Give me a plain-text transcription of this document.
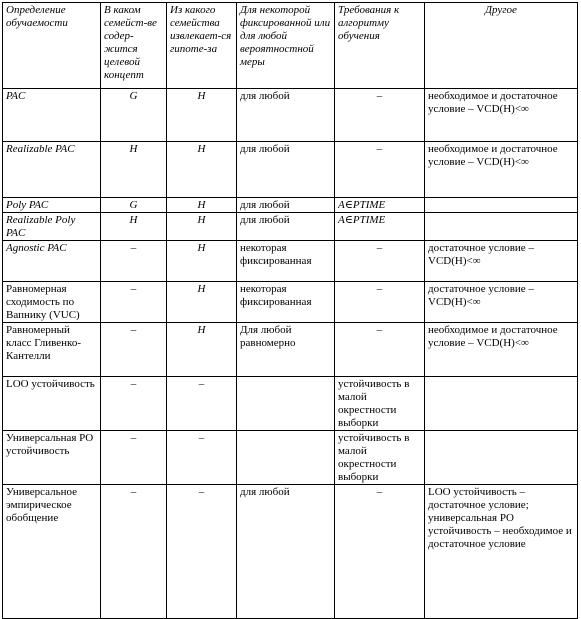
Определение обучаемости	В каком семейст-ве содер-жится целевой концепт	Из какого семейства извлекает-ся гипоте-за	Для некоторой фиксированной или для любой вероятностной меры	Требования к алгоритму обучения	Другое
PAC	G	H	для любой	–	необходимое и достаточное условие – VCD(H)<∞
Realizable PAC	H	H	для любой	–	необходимое и достаточное условие – VCD(H)<∞
Poly PAC	G	H	для любой	A∈PTIME	
Realizable Poly PAC	H	H	для любой	A∈PTIME	
Agnostic PAC	–	H	некоторая фиксированная	–	достаточное условие – VCD(H)<∞
Равномерная сходимость по Вапнику (VUC)	–	H	некоторая фиксированная	–	достаточное условие – VCD(H)<∞
Равномерный класс Гливенко-Кантелли	–	H	Для любой равномерно	–	необходимое и достаточное условие – VCD(H)<∞
LOO устойчивость	–	–		устойчивость в малой окрестности выборки	
Универсальная PO устойчивость	–	–		устойчивость в малой окрестности выборки	
Универсальное эмпирическое обобщение	–	–	для любой	–	LOO устойчивость – достаточное условие; универсальная PO устойчивость – необходимое и достаточное условие
